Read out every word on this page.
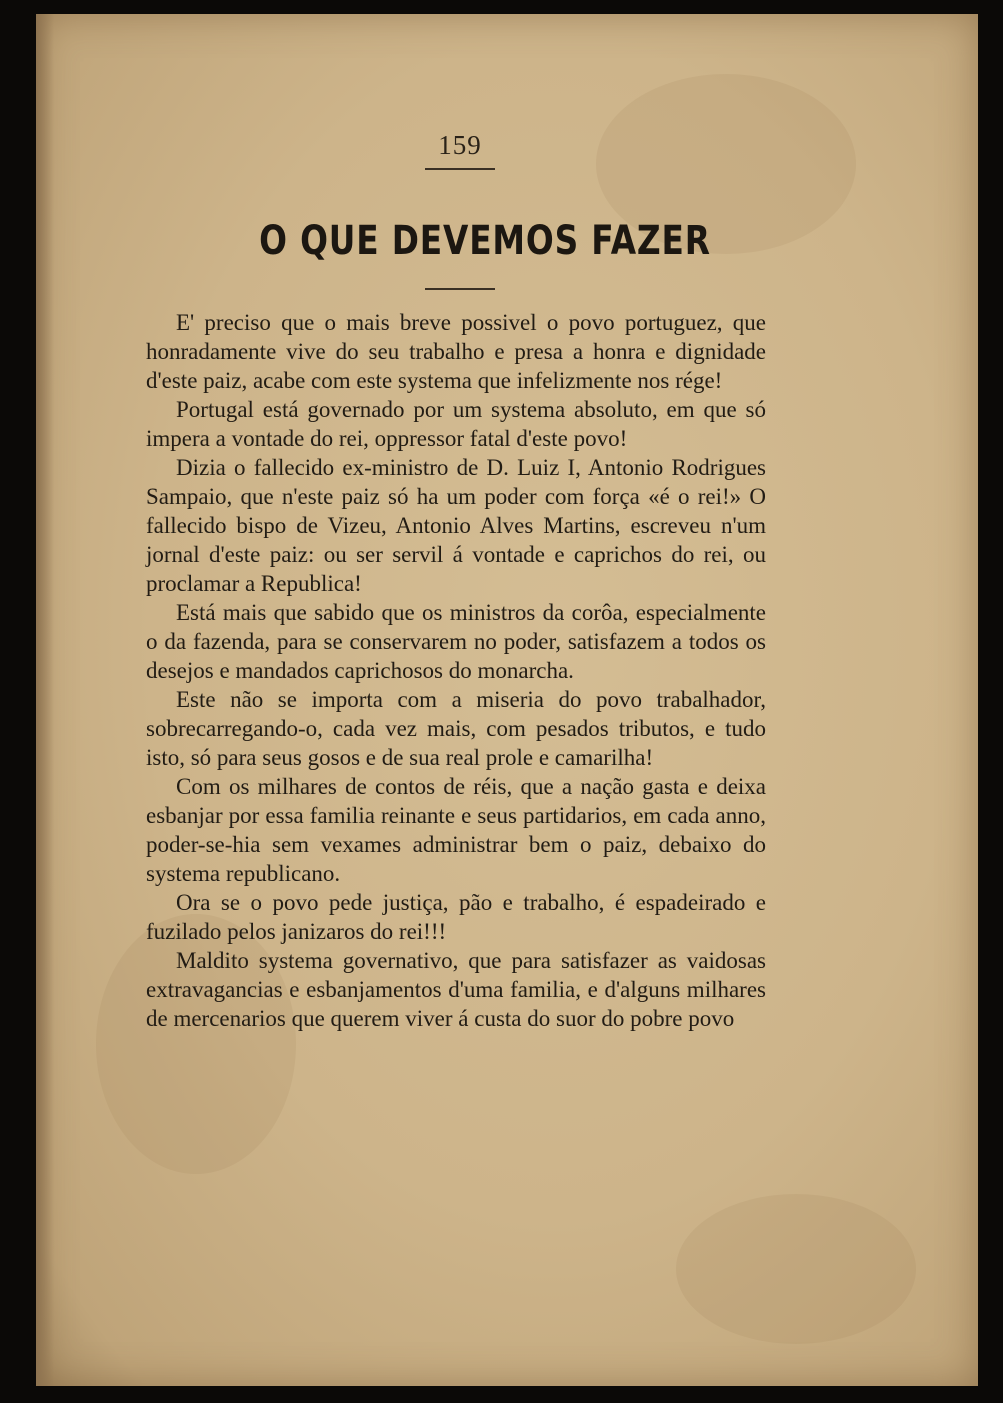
159
O QUE DEVEMOS FAZER

E' preciso que o mais breve possivel o povo portuguez, que honradamente vive do seu trabalho e presa a honra e dignidade d'este paiz, acabe com este systema que infelizmente nos rége!

Portugal está governado por um systema absoluto, em que só impera a vontade do rei, oppressor fatal d'este povo!

Dizia o fallecido ex-ministro de D. Luiz I, Antonio Rodrigues Sampaio, que n'este paiz só ha um poder com força «é o rei!» O fallecido bispo de Vizeu, Antonio Alves Martins, escreveu n'um jornal d'este paiz: ou ser servil á vontade e caprichos do rei, ou proclamar a Republica!

Está mais que sabido que os ministros da corôa, especialmente o da fazenda, para se conservarem no poder, satisfazem a todos os desejos e mandados caprichosos do monarcha.

Este não se importa com a miseria do povo trabalhador, sobrecarregando-o, cada vez mais, com pesados tributos, e tudo isto, só para seus gosos e de sua real prole e camarilha!

Com os milhares de contos de réis, que a nação gasta e deixa esbanjar por essa familia reinante e seus partidarios, em cada anno, poder-se-hia sem vexames administrar bem o paiz, debaixo do systema republicano.

Ora se o povo pede justiça, pão e trabalho, é espadeirado e fuzilado pelos janizaros do rei!!!

Maldito systema governativo, que para satisfazer as vaidosas extravagancias e esbanjamentos d'uma familia, e d'alguns milhares de mercenarios que querem viver á custa do suor do pobre povo
